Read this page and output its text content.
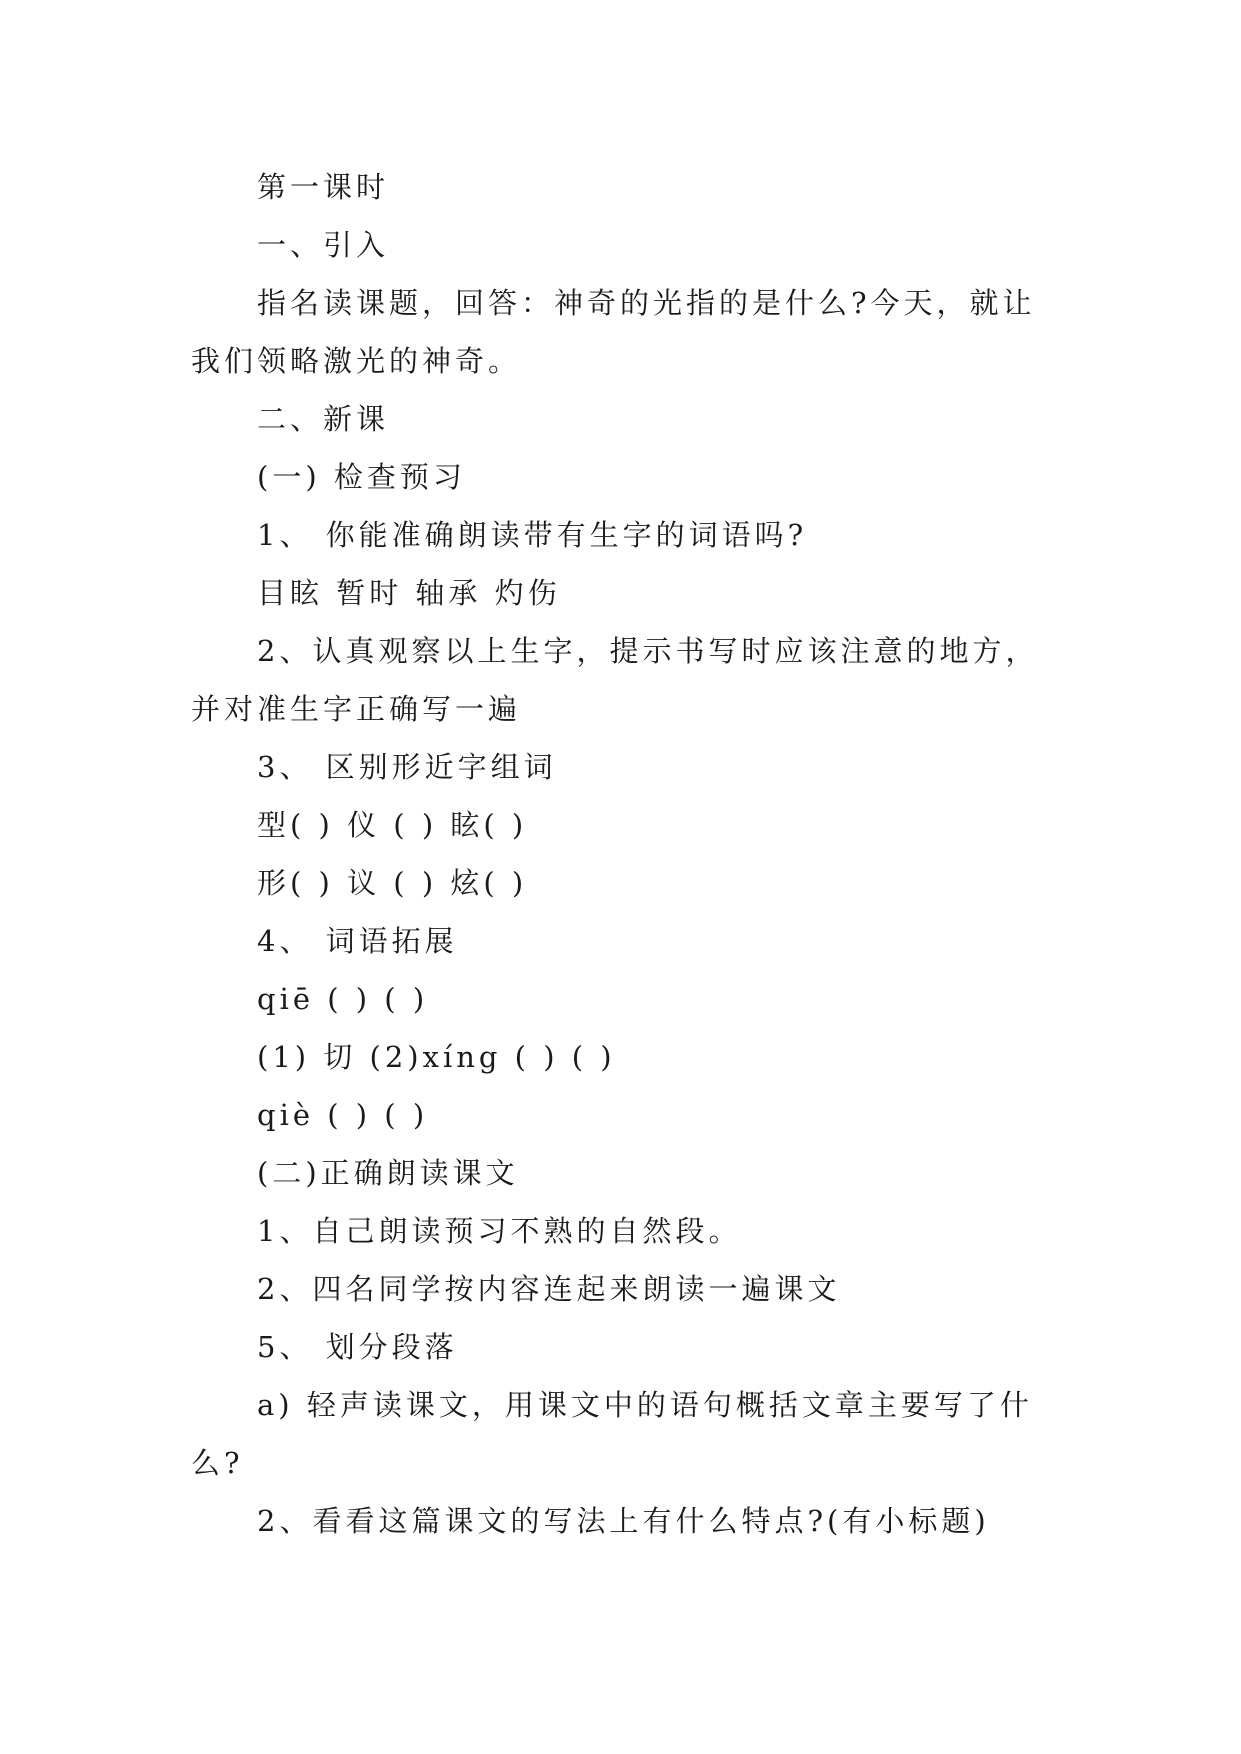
第一课时
一、引入
指名读课题，回答：神奇的光指的是什么?今天，就让
我们领略激光的神奇。
二、新课
(一) 检查预习
1、 你能准确朗读带有生字的词语吗?
目眩 暂时 轴承 灼伤
2、认真观察以上生字，提示书写时应该注意的地方，
并对准生字正确写一遍
3、 区别形近字组词
型( ) 仪 ( ) 眩( )
形( ) 议 ( ) 炫( )
4、 词语拓展
qiē ( ) ( )
(1) 切 (2)xíng ( ) ( )
qiè ( ) ( )
(二)正确朗读课文
1、自己朗读预习不熟的自然段。
2、四名同学按内容连起来朗读一遍课文
5、 划分段落
a) 轻声读课文，用课文中的语句概括文章主要写了什
么?
2、看看这篇课文的写法上有什么特点?(有小标题)
